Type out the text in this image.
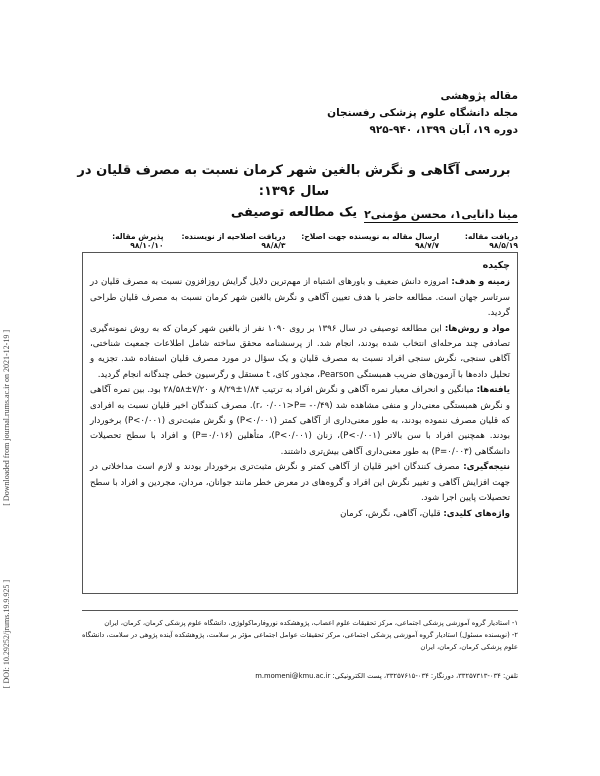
[ Downloaded from journal.rums.ac.ir on 2021-12-19 ]
[ DOI: 10.29252/jrums.19.9.925 ]
مقاله پژوهشی
مجله دانشگاه علوم پزشکی رفسنجان
دوره ۱۹، آبان ۱۳۹۹، ۹۴۰-۹۲۵
بررسی آگاهی و نگرش بالغین شهر کرمان نسبت به مصرف قلیان در سال ۱۳۹۶:
یک مطالعه توصیفی مینا دانایی۱، محسن مؤمنی۲
دریافت مقاله: ۹۸/۵/۱۹
ارسال مقاله به نویسنده جهت اصلاح: ۹۸/۷/۷
دریافت اصلاحیه از نویسنده: ۹۸/۸/۳
پذیرش مقاله: ۹۸/۱۰/۱۰

چکیده

زمینه و هدف: امروزه دانش ضعیف و باورهای اشتباه از مهم‌ترین دلایل گرایش روزافزون نسبت به مصرف قلیان در سرتاسر جهان است. مطالعه حاضر با هدف تعیین آگاهی و نگرش بالغین شهر کرمان نسبت به مصرف قلیان طراحی گردید.

مواد و روش‌ها: این مطالعه توصیفی در سال ۱۳۹۶ بر روی ۱۰۹۰ نفر از بالغین شهر کرمان که به روش نمونه‌گیری تصادفی چند مرحله‌ای انتخاب شده بودند، انجام شد. از پرسشنامه محقق ساخته شامل اطلاعات جمعیت شناختی، آگاهی سنجی، نگرش سنجی افراد نسبت به مصرف قلیان و یک سؤال در مورد مصرف قلیان استفاده شد. تجزیه و تحلیل داده‌ها با آزمون‌های ضریب همبستگی Pearson، مجذور کای، t مستقل و رگرسیون خطی چندگانه انجام گردید.

یافته‌ها: میانگین و انحراف معیار نمره آگاهی و نگرش افراد به ترتیب ۱/۸۴±۸/۲۹ و ۷/۲۰±۲۸/۵۸ بود. بین نمره آگاهی و نگرش همبستگی معنی‌دار و منفی مشاهده شد (۰/۴۹- =r، ۰/۰۰۱>P). مصرف کنندگان اخیر قلیان نسبت به افرادی که قلیان مصرف ننموده بودند، به طور معنی‌داری از آگاهی کمتر (۰/۰۰۱>P) و نگرش مثبت‌تری (۰/۰۰۱>P) برخوردار بودند. همچنین افراد با سن بالاتر (۰/۰۰۱>P)، زنان (۰/۰۰۱>P)، متأهلین (۰/۰۱۶=P) و افراد با سطح تحصیلات دانشگاهی (۰/۰۰۳=P) به طور معنی‌داری آگاهی بیش‌تری داشتند.

نتیجه‌گیری: مصرف کنندگان اخیر قلیان از آگاهی کمتر و نگرش مثبت‌تری برخوردار بودند و لازم است مداخلاتی در جهت افزایش آگاهی و تغییر نگرش این افراد و گروه‌های در معرض خطر مانند جوانان، مردان، مجردین و افراد با سطح تحصیلات پایین اجرا شود.

واژه‌های کلیدی: قلیان، آگاهی، نگرش، کرمان

۱- استادیار گروه آموزشی پزشکی اجتماعی، مرکز تحقیقات علوم اعصاب، پژوهشکده نوروفارماکولوژی، دانشگاه علوم پزشکی کرمان، کرمان، ایران

۲- (نویسنده مسئول) استادیار گروه آموزشی پزشکی اجتماعی، مرکز تحقیقات عوامل اجتماعی مؤثر بر سلامت، پژوهشکده آینده پژوهی در سلامت، دانشگاه علوم پزشکی کرمان، کرمان، ایران

تلفن: ۰۳۴-۳۳۲۵۷۳۱۳، دورنگار: ۰۳۴-۳۳۲۵۷۶۱۵، پست الکترونیکی: m.momeni@kmu.ac.ir
